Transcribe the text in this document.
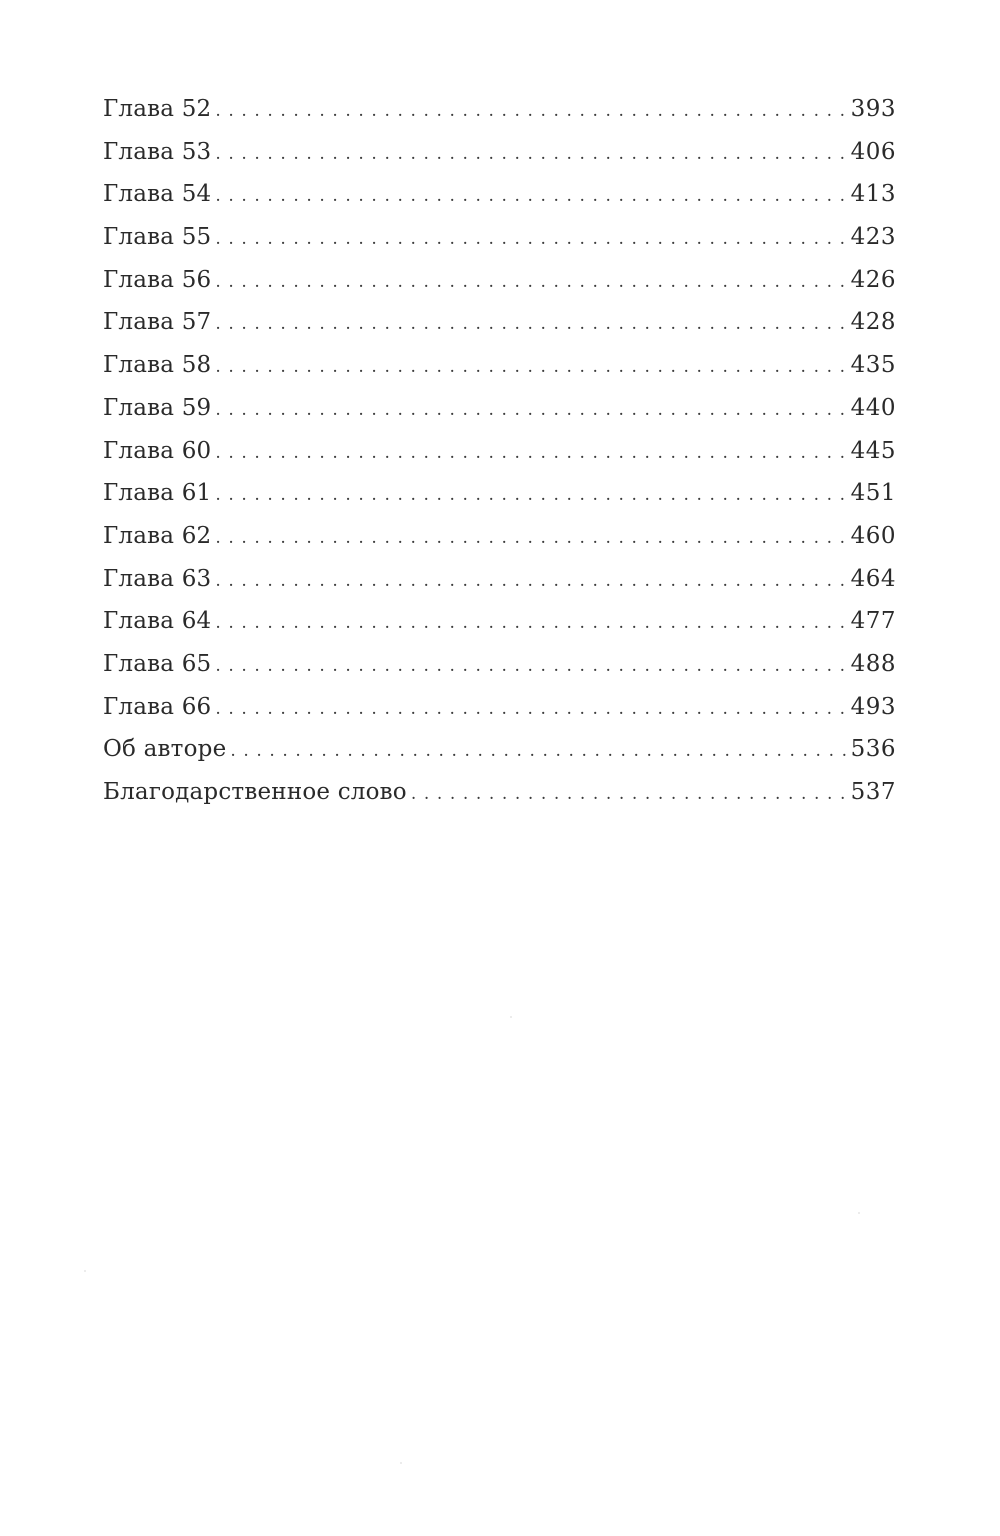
Глава 52 .....	393
Глава 53 .....	406
Глава 54 .....	413
Глава 55 .....	423
Глава 56 .....	426
Глава 57 .....	428
Глава 58 .....	435
Глава 59 .....	440
Глава 60 .....	445
Глава 61 .....	451
Глава 62 .....	460
Глава 63 .....	464
Глава 64 .....	477
Глава 65 .....	488
Глава 66 .....	493
Об авторе .....	536
Благодарственное слово .....	537
